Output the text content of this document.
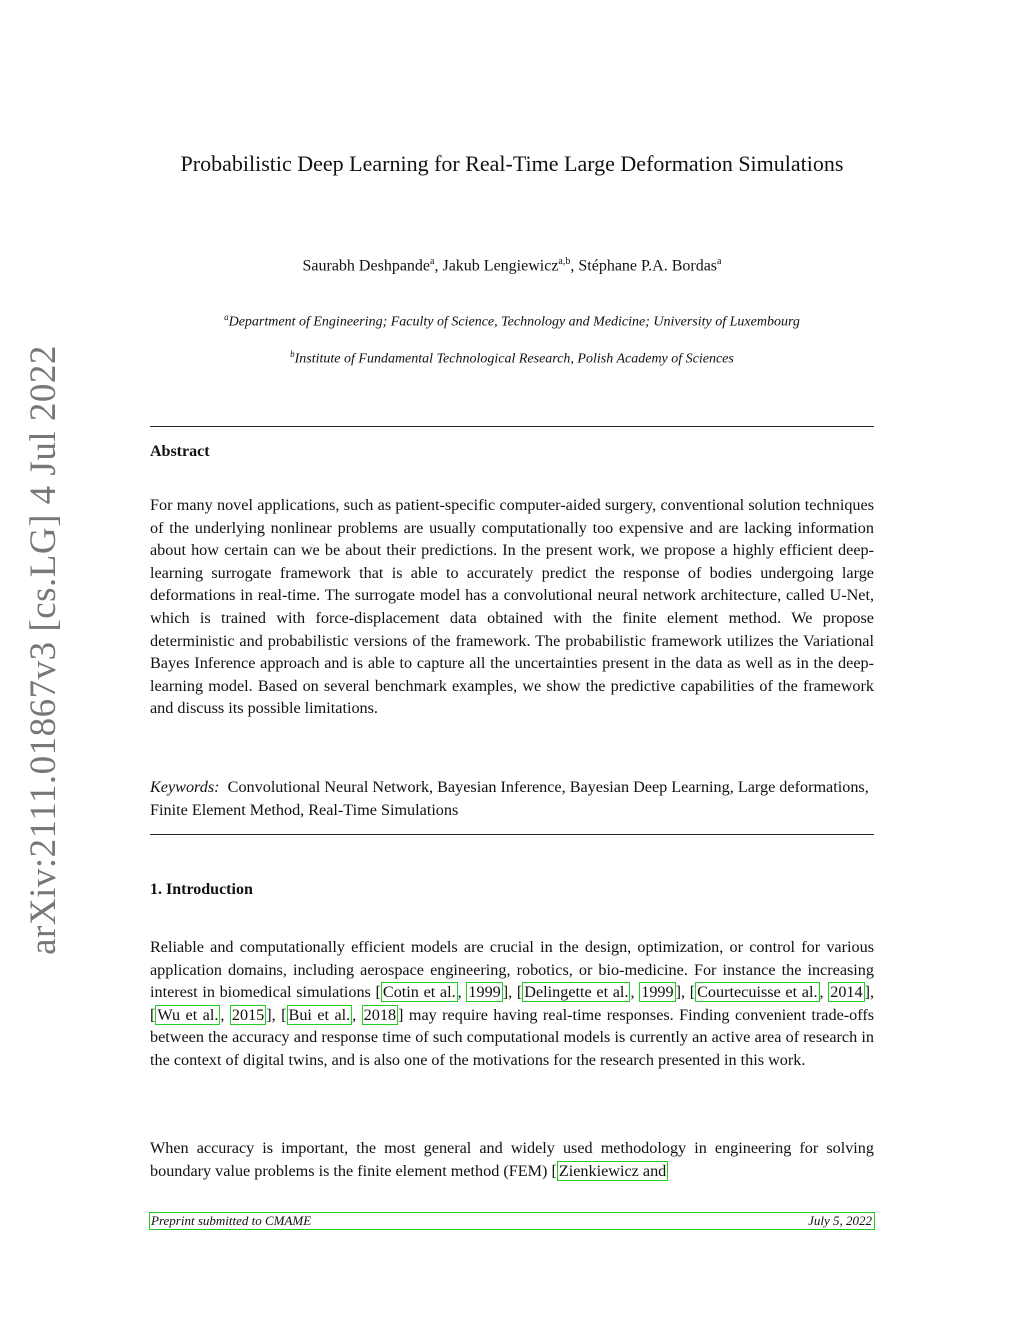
arXiv:2111.01867v3 [cs.LG] 4 Jul 2022
Probabilistic Deep Learning for Real-Time Large Deformation Simulations
Saurabh Deshpande$^a$, Jakub Lengiewicz$^{a,b}$, Stéphane P.A. Bordas$^a$
$^a$Department of Engineering; Faculty of Science, Technology and Medicine; University of Luxembourg
$^b$Institute of Fundamental Technological Research, Polish Academy of Sciences
Abstract
For many novel applications, such as patient-specific computer-aided surgery, conventional solution techniques of the underlying nonlinear problems are usually computationally too expensive and are lacking information about how certain can we be about their predictions. In the present work, we propose a highly efficient deep-learning surrogate framework that is able to accurately predict the response of bodies undergoing large deformations in real-time. The surrogate model has a convolutional neural network architecture, called U-Net, which is trained with force-displacement data obtained with the finite element method. We propose deterministic and probabilistic versions of the framework. The probabilistic framework utilizes the Variational Bayes Inference approach and is able to capture all the uncertainties present in the data as well as in the deep-learning model. Based on several benchmark examples, we show the predictive capabilities of the framework and discuss its possible limitations.
Keywords: Convolutional Neural Network, Bayesian Inference, Bayesian Deep Learning, Large deformations, Finite Element Method, Real-Time Simulations
1. Introduction
Reliable and computationally efficient models are crucial in the design, optimization, or control for various application domains, including aerospace engineering, robotics, or bio-medicine. For instance the increasing interest in biomedical simulations [ Cotin et al. , 1999 ], [ Delingette et al. , 1999 ], [ Courtecuisse et al. , 2014 ], [ Wu et al. , 2015 ], [ Bui et al. , 2018 ] may require having real-time responses. Finding convenient trade-offs between the accuracy and response time of such computational models is currently an active area of research in the context of digital twins, and is also one of the motivations for the research presented in this work.
When accuracy is important, the most general and widely used methodology in engineering for solving boundary value problems is the finite element method (FEM) [ Zienkiewicz and
Preprint submitted to CMAME	July 5, 2022
